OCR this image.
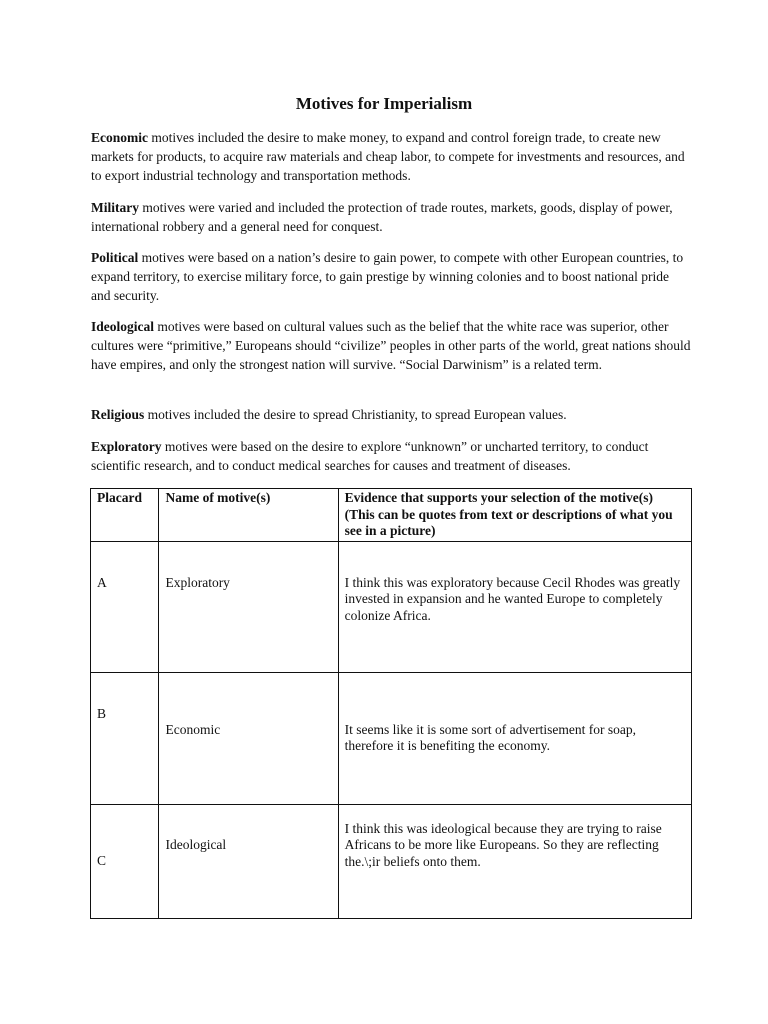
Motives for Imperialism

Economic motives included the desire to make money, to expand and control foreign trade, to create new markets for products, to acquire raw materials and cheap labor, to compete for investments and resources, and to export industrial technology and transportation methods.

Military motives were varied and included the protection of trade routes, markets, goods, display of power, international robbery and a general need for conquest.

Political motives were based on a nation’s desire to gain power, to compete with other European countries, to expand territory, to exercise military force, to gain prestige by winning colonies and to boost national pride and security.

Ideological motives were based on cultural values such as the belief that the white race was superior, other cultures were “primitive,” Europeans should “civilize” peoples in other parts of the world, great nations should have empires, and only the strongest nation will survive. “Social Darwinism” is a related term.

Religious motives included the desire to spread Christianity, to spread European values.

Exploratory motives were based on the desire to explore “unknown” or uncharted territory, to conduct scientific research, and to conduct medical searches for causes and treatment of diseases.

Placard	Name of motive(s)	Evidence that supports your selection of the motive(s) (This can be quotes from text or descriptions of what you see in a picture)

A	Exploratory	I think this was exploratory because Cecil Rhodes was greatly invested in expansion and he wanted Europe to completely colonize Africa.

B	Economic	It seems like it is some sort of advertisement for soap, therefore it is benefiting the economy.

C	Ideological	I think this was ideological because they are trying to raise Africans to be more like Europeans. So they are reflecting the.\;ir beliefs onto them.
